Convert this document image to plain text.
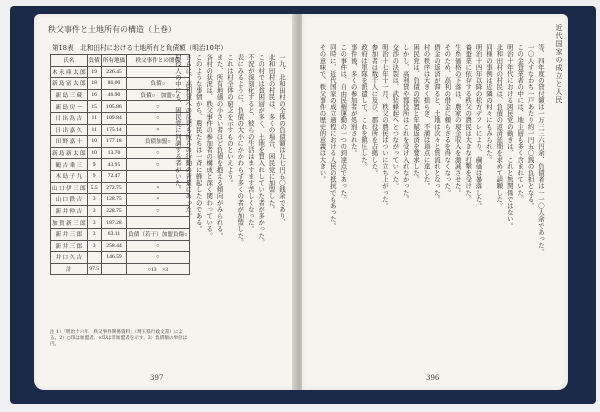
秩父事件と土地所有の構造（上巻）
第18表　北和田村における土地所有と負債額（明治10年）
氏名	負債	所有地価	秩父事件との関係
木 永 庫 太 郎	19	226.45	
新 島 富 太 郎	18	86.00	負債○
新 島 三 蔵	16	46.90	負債○　加盟○
新 島 房 一	15	105.86	○
日 出 為 吉	11	109.84	○
日 出 嘉 久	11	175.14	×
田 野 嘉 十	10	177.18	負債加盟○
新 島 新 太 郎	10	13.70	○
鶴 吉 乗 三	9	43.95	○
木 島 子 九	9	72.47	
山 口 伊 三 郎	5.5	272.75	×
山 口 鉄 吉	3	128.75	×
新 井 仲 吉	3	228.75	○
加 賀 新 三 郎	3	187.28	
新 井 三 郎	3	63.11	負債（若干）加盟負傷○
新 井 三 郎	3	258.44	○
井 口 久 吉		146.59	○
計	97.5		○13　×3
注 1）「明治十六年　秩父事件関係資料」（埼玉県行政文書）による。2）○印は加盟者、×印は非加盟者を示す。3）負債額の単位は円。
一九、北和田村の全体の負債額は九七円五〇銭余であり、
北和田村の村民は、多くの場合、困民党に加盟した。
この村では貧困層が多く、土地を質入れしていた者が多かった。
不況が深刻化すると、彼らの生活はますます苦しくなった。
表にみるように、負債の大小にかかわらず多くの者が加盟した。
これは村全体の窮乏を示すものといえよう。
また、所有地価の小さい者ほど負債を抱える傾向がみられる。
各村の状況は、秩父事件の参加者の構成と深く関わっている。
このような事情から、農民たちは一斉に蜂起したのである。
さらに、高利貸への反発も彼らの行動の背景にあった。
村役人の中にも、困民党に同調する者がいた。
397
近代国家の成立と人民
等、四年度の貸付額は一万三三六円余、負債者は一一〇人余であった。
一〇人すなわち一戸あたり約一円五〇銭の負担となる。
この金貸業者の中には、地主層も多く含まれていた。
明治十年代における困民党の動きは、これと無関係ではない。
北和田村の村民は、負債の返済延期を求めて請願した。
同様の事例は近隣の村々にもみられた。
明治十四年以降の松方デフレにより、繭価は暴落した。
養蚕業に依存する秩父の農民は大きな打撃を受けた。
生糸価格の下落は、農家の現金収入を激減させた。
そのため、高利の借金に頼らざるを得なくなった。
借金の返済が滞ると、土地は次々と質流れとなった。
村の秩序は大きく揺らぎ、不満は頂点に達した。
困民党は、負債の据置と年賦返済を要求した。
しかし、高利貸や郡役所はこれを受け入れなかった。
交渉の決裂は、武装蜂起へとつながっていった。
明治十七年十一月、秩父の農民はついに立ち上がった。
参加者は数千人に及び、郡役所を占拠した。
政府は軍隊を派遣して、これを鎮圧した。
事件後、多くの参加者が処罰された。
この事件は、自由民権運動の一つの到達点であった。
同時に、近代国家の成立過程における人民の抵抗でもあった。
その意味で、秩父事件の歴史的意義は大きい。
396
